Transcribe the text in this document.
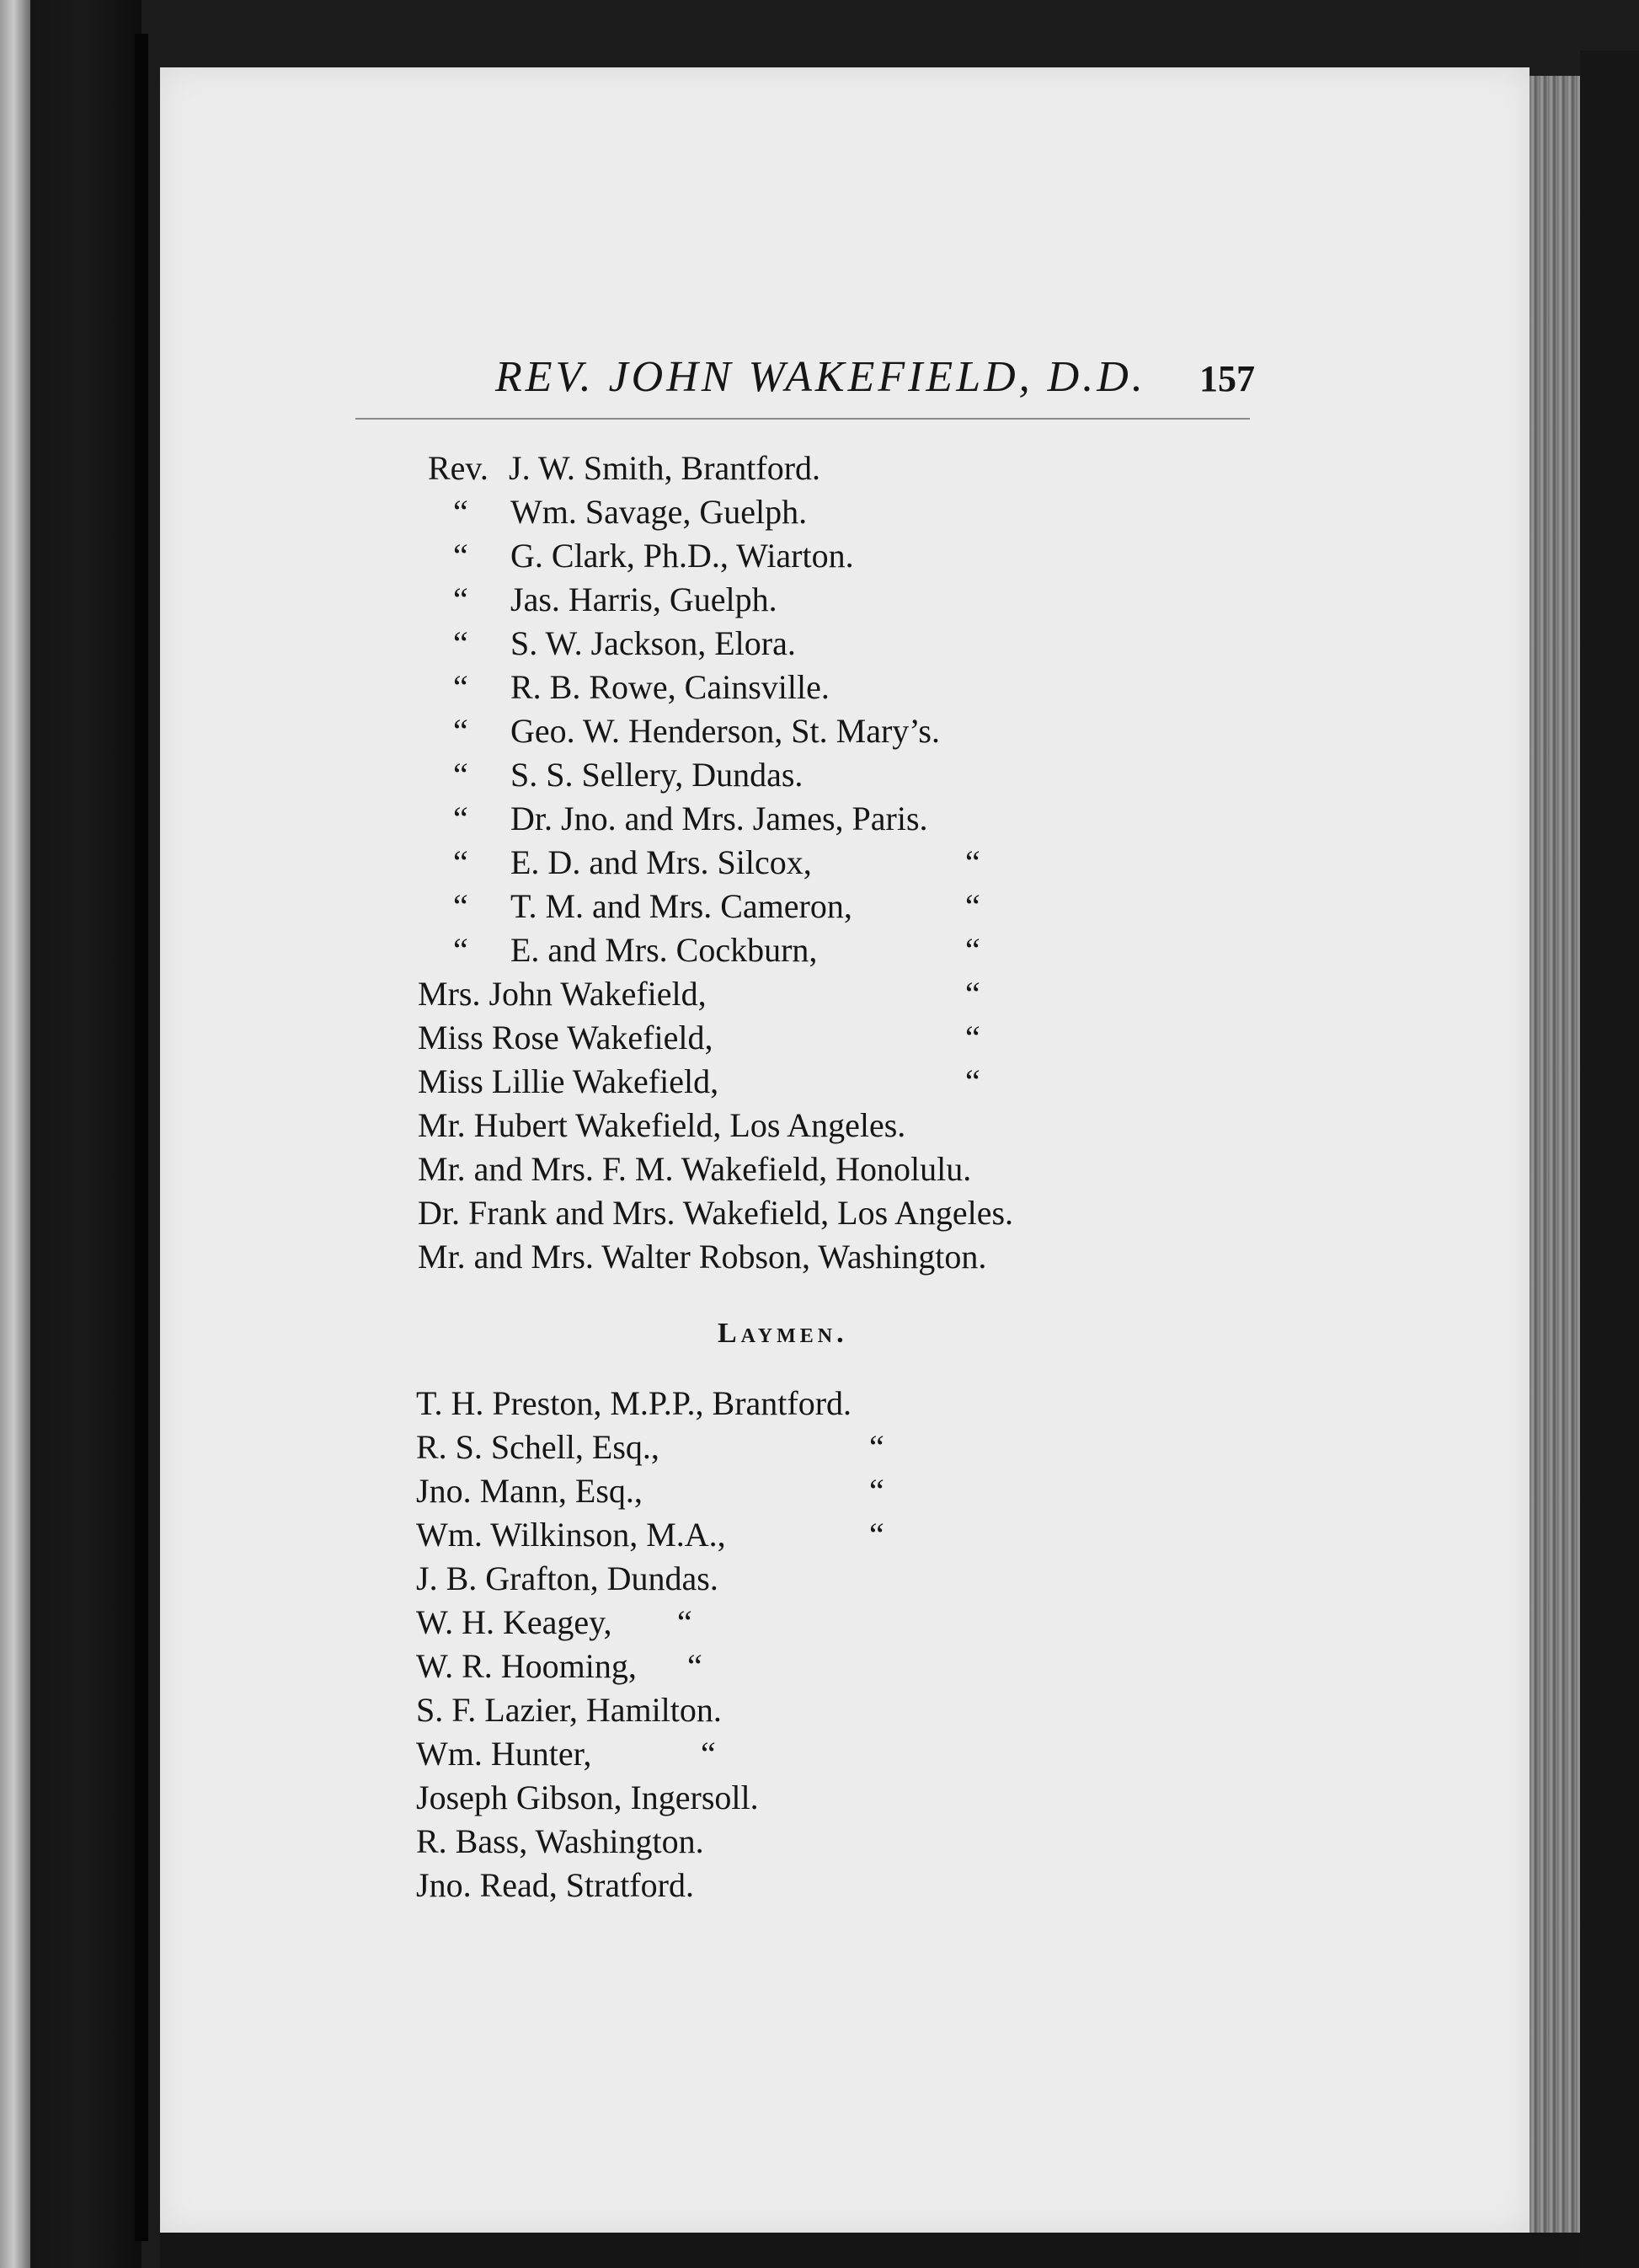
REV. JOHN WAKEFIELD, D.D. 157
Rev. J. W. Smith, Brantford.
“ Wm. Savage, Guelph.
“ G. Clark, Ph.D., Wiarton.
“ Jas. Harris, Guelph.
“ S. W. Jackson, Elora.
“ R. B. Rowe, Cainsville.
“ Geo. W. Henderson, St. Mary’s.
“ S. S. Sellery, Dundas.
“ Dr. Jno. and Mrs. James, Paris.
“ E. D. and Mrs. Silcox,	“
“ T. M. and Mrs. Cameron,	“
“ E. and Mrs. Cockburn,	“
Mrs. John Wakefield,	“
Miss Rose Wakefield,	“
Miss Lillie Wakefield,	“
Mr. Hubert Wakefield, Los Angeles.
Mr. and Mrs. F. M. Wakefield, Honolulu.
Dr. Frank and Mrs. Wakefield, Los Angeles.
Mr. and Mrs. Walter Robson, Washington.
Laymen.
T. H. Preston, M.P.P., Brantford.
R. S. Schell, Esq.,	“
Jno. Mann, Esq.,	“
Wm. Wilkinson, M.A.,	“
J. B. Grafton, Dundas.
W. H. Keagey, “
W. R. Hooming, “
S. F. Lazier, Hamilton.
Wm. Hunter,	“
Joseph Gibson, Ingersoll.
R. Bass, Washington.
Jno. Read, Stratford.
